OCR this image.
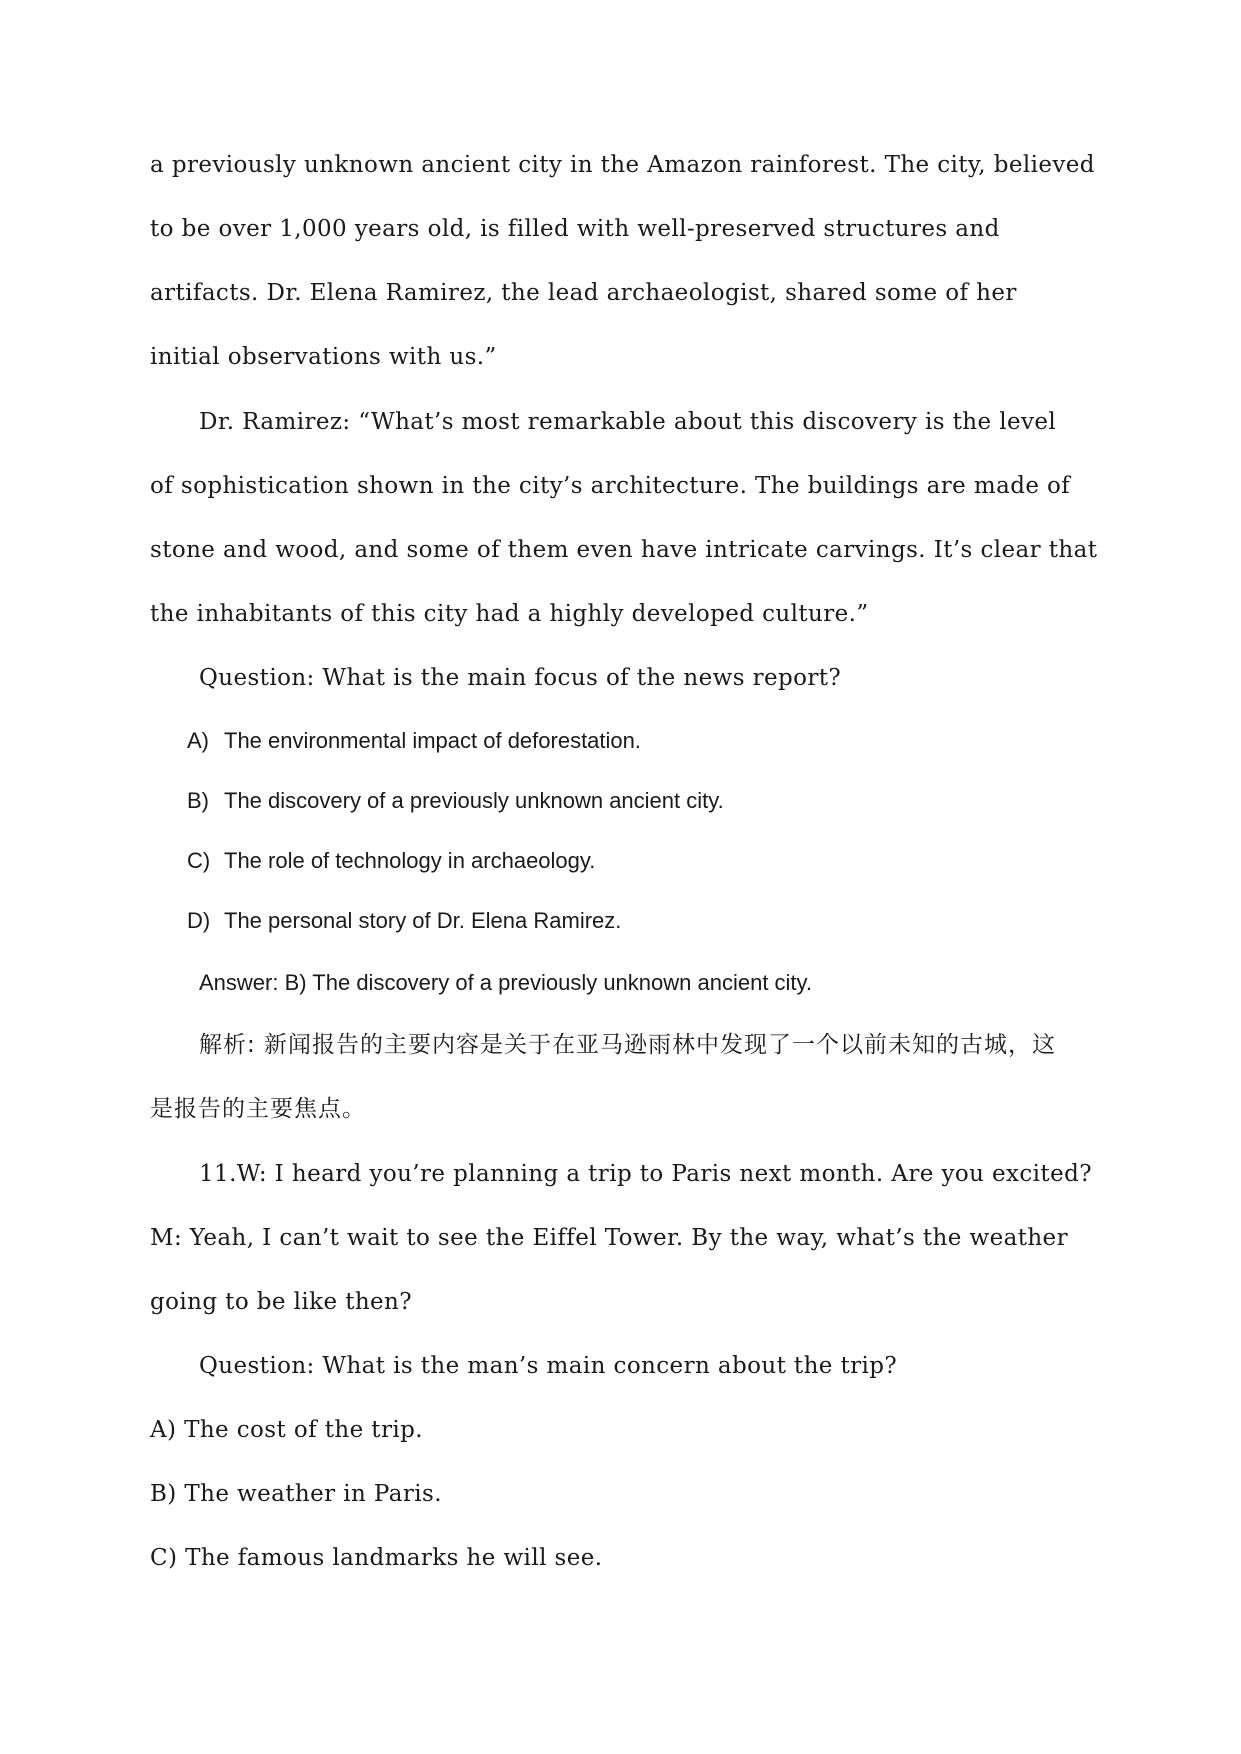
a previously unknown ancient city in the Amazon rainforest. The city, believed

to be over 1,000 years old, is filled with well-preserved structures and

artifacts. Dr. Elena Ramirez, the lead archaeologist, shared some of her

initial observations with us.”

Dr. Ramirez: “What’s most remarkable about this discovery is the level

of sophistication shown in the city’s architecture. The buildings are made of

stone and wood, and some of them even have intricate carvings. It’s clear that

the inhabitants of this city had a highly developed culture.”

Question: What is the main focus of the news report?

A) The environmental impact of deforestation.

B) The discovery of a previously unknown ancient city.

C) The role of technology in archaeology.

D) The personal story of Dr. Elena Ramirez.

Answer: B) The discovery of a previously unknown ancient city.

解析: 新闻报告的主要内容是关于在亚马逊雨林中发现了一个以前未知的古城，这

是报告的主要焦点。

11.W: I heard you’re planning a trip to Paris next month. Are you excited?

M: Yeah, I can’t wait to see the Eiffel Tower. By the way, what’s the weather

going to be like then?

Question: What is the man’s main concern about the trip?

A) The cost of the trip.

B) The weather in Paris.

C) The famous landmarks he will see.
